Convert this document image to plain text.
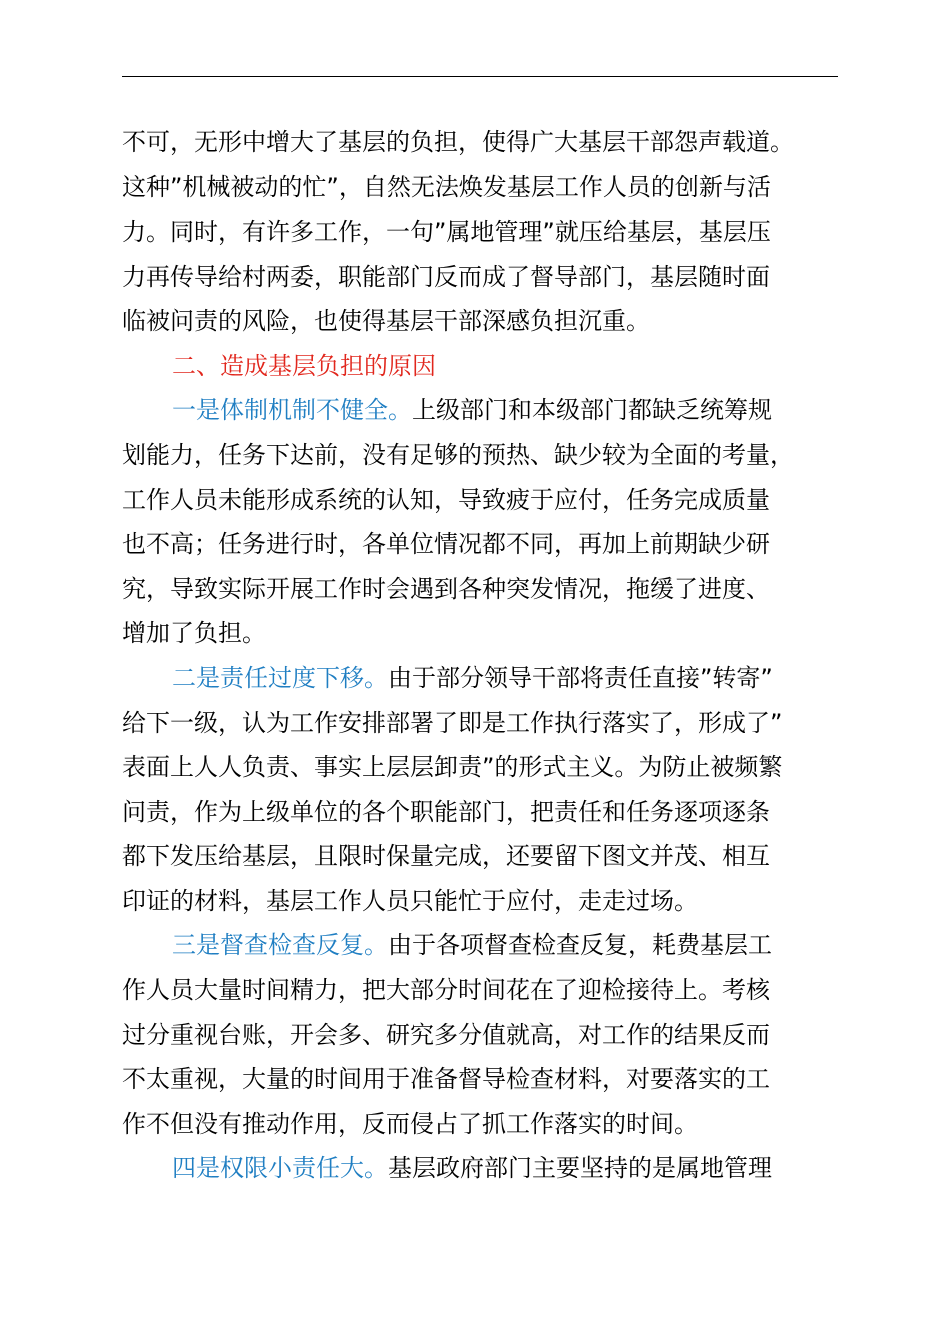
不可，无形中增大了基层的负担，使得广大基层干部怨声载道。
这种”机械被动的忙”，自然无法焕发基层工作人员的创新与活
力。同时，有许多工作，一句”属地管理”就压给基层，基层压
力再传导给村两委，职能部门反而成了督导部门，基层随时面
临被问责的风险，也使得基层干部深感负担沉重。
二、造成基层负担的原因
一是体制机制不健全。上级部门和本级部门都缺乏统筹规
划能力，任务下达前，没有足够的预热、缺少较为全面的考量，
工作人员未能形成系统的认知，导致疲于应付，任务完成质量
也不高；任务进行时，各单位情况都不同，再加上前期缺少研
究，导致实际开展工作时会遇到各种突发情况，拖缓了进度、
增加了负担。
二是责任过度下移。由于部分领导干部将责任直接”转寄”
给下一级，认为工作安排部署了即是工作执行落实了，形成了”
表面上人人负责、事实上层层卸责”的形式主义。为防止被频繁
问责，作为上级单位的各个职能部门，把责任和任务逐项逐条
都下发压给基层，且限时保量完成，还要留下图文并茂、相互
印证的材料，基层工作人员只能忙于应付，走走过场。
三是督查检查反复。由于各项督查检查反复，耗费基层工
作人员大量时间精力，把大部分时间花在了迎检接待上。考核
过分重视台账，开会多、研究多分值就高，对工作的结果反而
不太重视，大量的时间用于准备督导检查材料，对要落实的工
作不但没有推动作用，反而侵占了抓工作落实的时间。
四是权限小责任大。基层政府部门主要坚持的是属地管理
